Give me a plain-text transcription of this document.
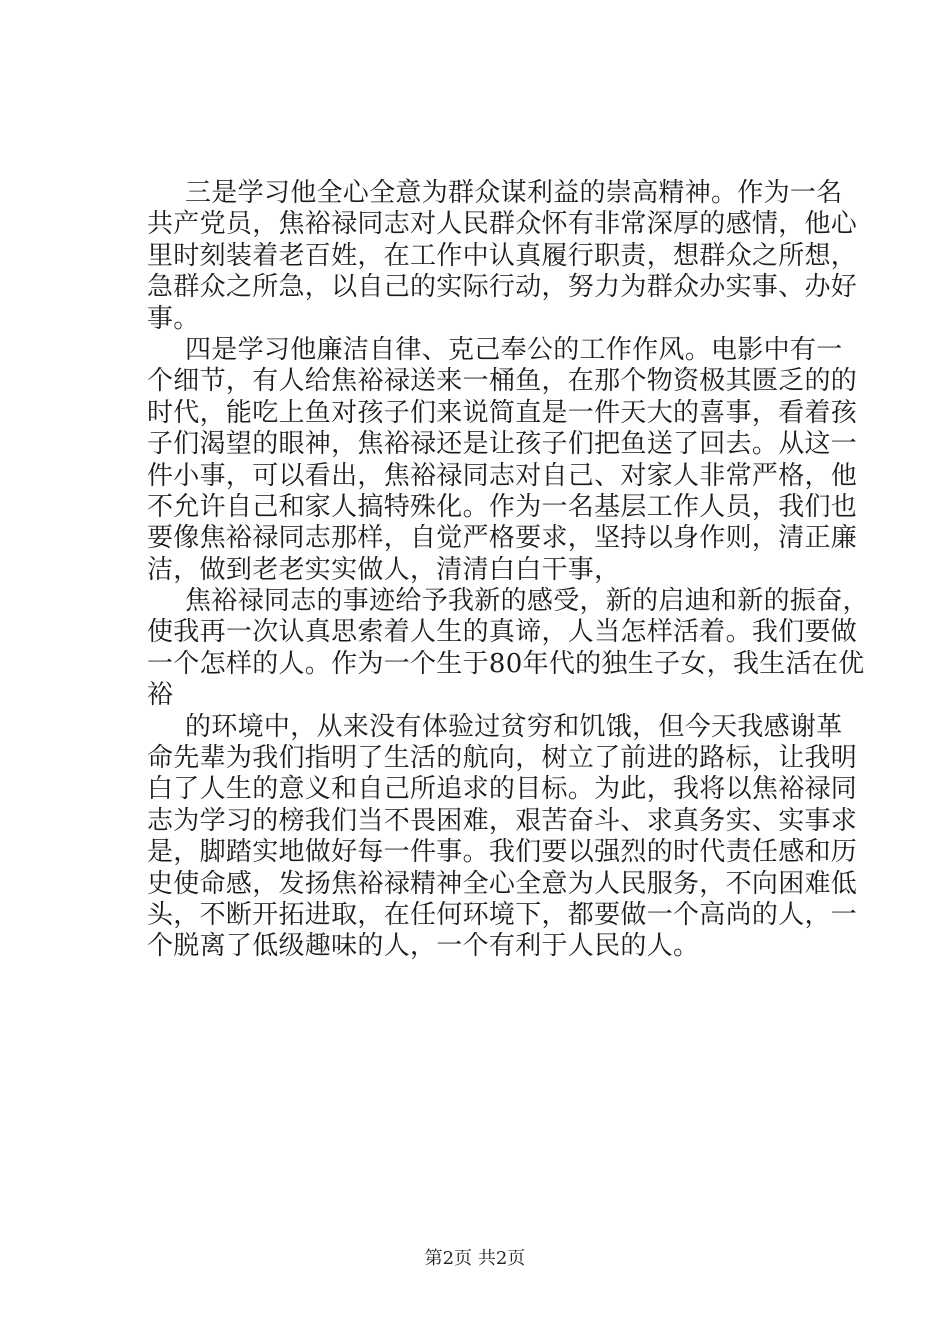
三是学习他全心全意为群众谋利益的崇高精神。作为一名
共产党员，焦裕禄同志对人民群众怀有非常深厚的感情，他心
里时刻装着老百姓，在工作中认真履行职责，想群众之所想，
急群众之所急，以自己的实际行动，努力为群众办实事、办好
事。
四是学习他廉洁自律、克己奉公的工作作风。电影中有一
个细节，有人给焦裕禄送来一桶鱼，在那个物资极其匮乏的的
时代，能吃上鱼对孩子们来说简直是一件天大的喜事，看着孩
子们渴望的眼神，焦裕禄还是让孩子们把鱼送了回去。从这一
件小事，可以看出，焦裕禄同志对自己、对家人非常严格，他
不允许自己和家人搞特殊化。作为一名基层工作人员，我们也
要像焦裕禄同志那样，自觉严格要求，坚持以身作则，清正廉
洁，做到老老实实做人，清清白白干事，
焦裕禄同志的事迹给予我新的感受，新的启迪和新的振奋，
使我再一次认真思索着人生的真谛，人当怎样活着。我们要做
一个怎样的人。作为一个生于80年代的独生子女，我生活在优
裕
的环境中，从来没有体验过贫穷和饥饿，但今天我感谢革
命先辈为我们指明了生活的航向，树立了前进的路标，让我明
白了人生的意义和自己所追求的目标。为此，我将以焦裕禄同
志为学习的榜我们当不畏困难，艰苦奋斗、求真务实、实事求
是，脚踏实地做好每一件事。我们要以强烈的时代责任感和历
史使命感，发扬焦裕禄精神全心全意为人民服务，不向困难低
头，不断开拓进取，在任何环境下，都要做一个高尚的人，一
个脱离了低级趣味的人，一个有利于人民的人。
第2页 共2页
